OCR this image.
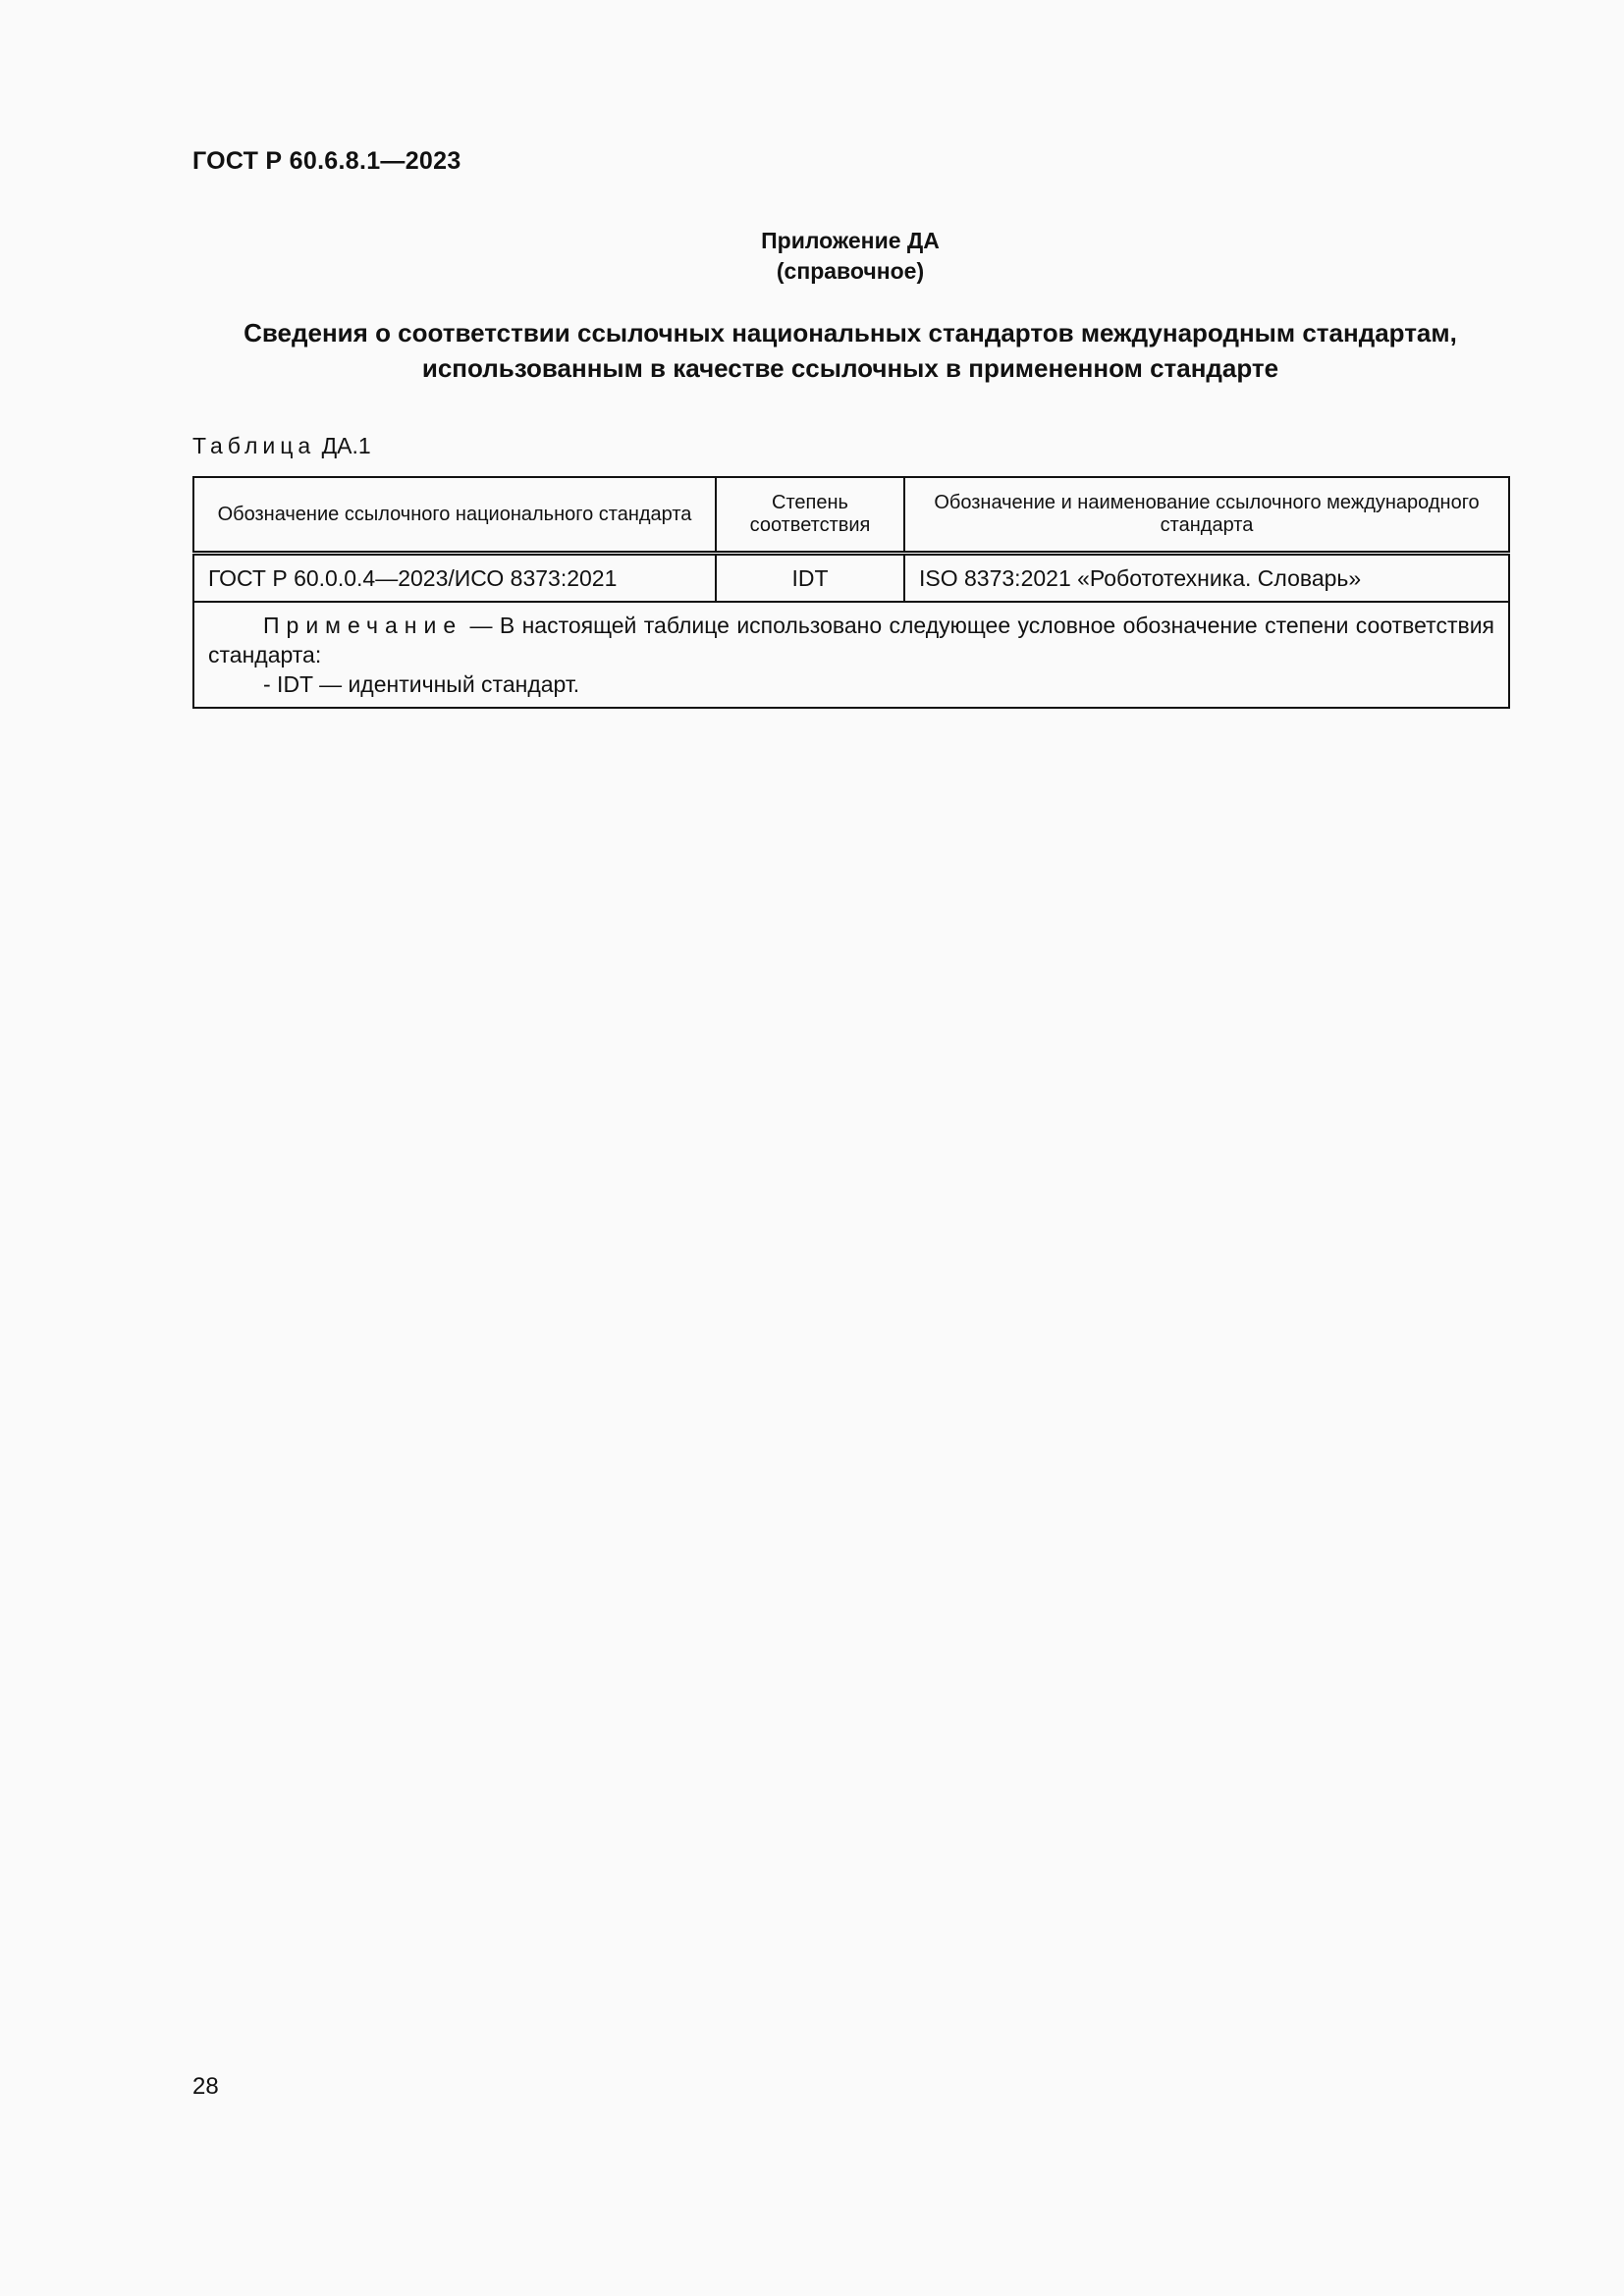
ГОСТ Р 60.6.8.1—2023
Приложение ДА
(справочное)
Сведения о соответствии ссылочных национальных стандартов международным стандартам,
использованным в качестве ссылочных в примененном стандарте
Таблица ДА.1
Обозначение ссылочного национального стандарта	Степень соответствия	Обозначение и наименование ссылочного международного стандарта
ГОСТ Р 60.0.0.4—2023/ИСО 8373:2021	IDT	ISO 8373:2021 «Робототехника. Словарь»

Примечание — В настоящей таблице использовано следующее условное обозначение степени соответствия стандарта:
- IDT — идентичный стандарт.		
28
